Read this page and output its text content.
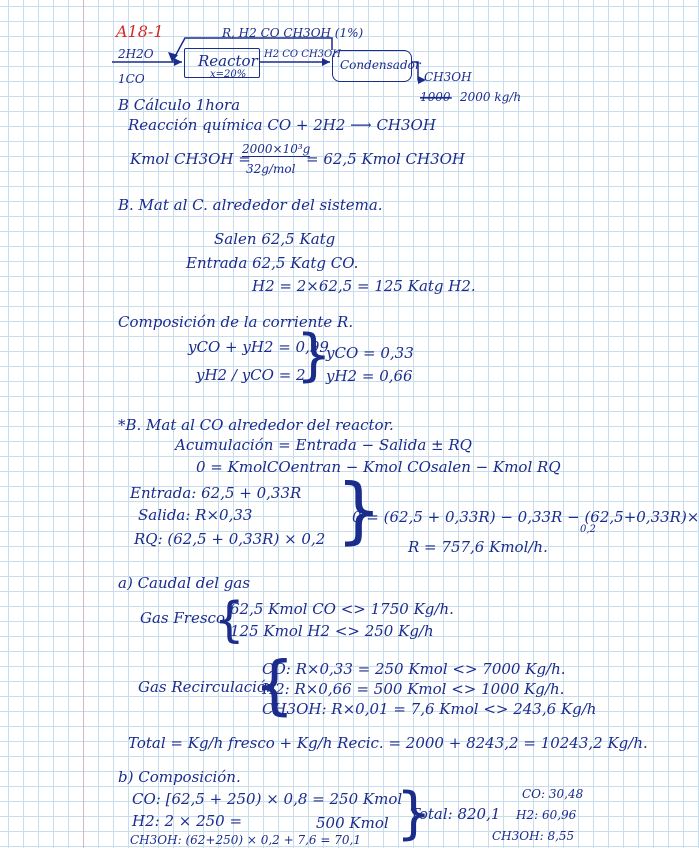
A18-1
Reactor
x=20%
Condensador
R, H2 CO CH3OH (1%)
2H2O
1CO
H2 CO CH3OH
CH3OH
1000 2000 kg/h
B Cálculo 1hora
Reacción química CO + 2H2 ⟶ CH3OH
Kmol CH3OH =
2000×10³g
32g/mol
= 62,5 Kmol CH3OH
B. Mat al C. alrededor del sistema.
Salen 62,5 Katg
Entrada 62,5 Katg CO.
H2 = 2×62,5 = 125 Katg H2.
Composición de la corriente R.
yCO + yH2 = 0,99
yH2 / yCO = 2
}
yCO = 0,33
yH2 = 0,66
*B. Mat al CO alrededor del reactor.
Acumulación = Entrada − Salida ± RQ
0 = KmolCOentran − Kmol COsalen − Kmol RQ
Entrada: 62,5 + 0,33R
Salida: R×0,33
RQ: (62,5 + 0,33R) × 0,2 }
0 = (62,5 + 0,33R) − 0,33R − (62,5+0,33R)×
0,2
R = 757,6 Kmol/h.
a) Caudal del gas
Gas Fresco
{
62,5 Kmol CO <> 1750 Kg/h.
125 Kmol H2 <> 250 Kg/h
Gas Recirculación
{
CO: R×0,33 = 250 Kmol <> 7000 Kg/h.
H2: R×0,66 = 500 Kmol <> 1000 Kg/h.
CH3OH: R×0,01 = 7,6 Kmol <> 243,6 Kg/h
Total = Kg/h fresco + Kg/h Recic. = 2000 + 8243,2 = 10243,2 Kg/h.
b) Composición.
CO: [62,5 + 250) × 0,8 = 250 Kmol
H2: 2 × 250 =	500 Kmol
CH3OH: (62+250) × 0,2 + 7,6 = 70,1 }
Total: 820,1
CO: 30,48
H2: 60,96
CH3OH: 8,55
